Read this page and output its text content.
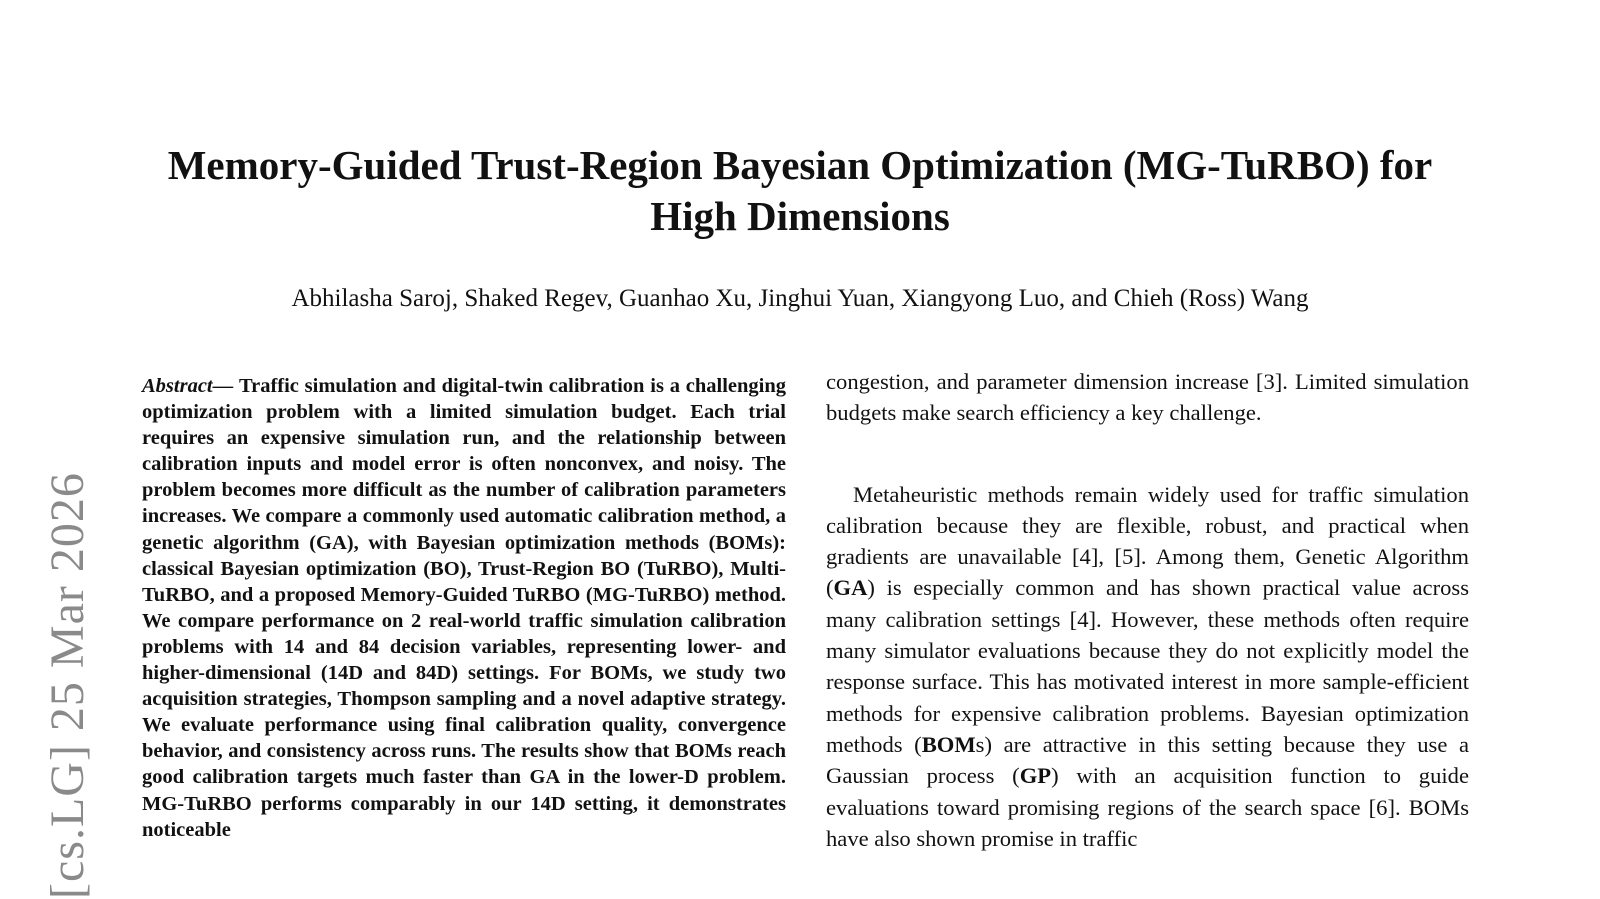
Memory-Guided Trust-Region Bayesian Optimization (MG-TuRBO) for High Dimensions
Abhilasha Saroj, Shaked Regev, Guanhao Xu, Jinghui Yuan, Xiangyong Luo, and Chieh (Ross) Wang
[cs.LG] 25 Mar 2026
Abstract— Traffic simulation and digital-twin calibration is a challenging optimization problem with a limited simulation budget. Each trial requires an expensive simulation run, and the relationship between calibration inputs and model error is often nonconvex, and noisy. The problem becomes more difficult as the number of calibration parameters increases. We compare a commonly used automatic calibration method, a genetic algorithm (GA), with Bayesian optimization methods (BOMs): classical Bayesian optimization (BO), Trust-Region BO (TuRBO), Multi-TuRBO, and a proposed Memory-Guided TuRBO (MG-TuRBO) method. We compare performance on 2 real-world traffic simulation calibration problems with 14 and 84 decision variables, representing lower- and higher-dimensional (14D and 84D) settings. For BOMs, we study two acquisition strategies, Thompson sampling and a novel adaptive strategy. We evaluate performance using final calibration quality, convergence behavior, and consistency across runs. The results show that BOMs reach good calibration targets much faster than GA in the lower-D problem. MG-TuRBO performs comparably in our 14D setting, it demonstrates noticeable

congestion, and parameter dimension increase [3]. Limited simulation budgets make search efficiency a key challenge.

Metaheuristic methods remain widely used for traffic simulation calibration because they are flexible, robust, and practical when gradients are unavailable [4], [5]. Among them, Genetic Algorithm (GA) is especially common and has shown practical value across many calibration settings [4]. However, these methods often require many simulator evaluations because they do not explicitly model the response surface. This has motivated interest in more sample-efficient methods for expensive calibration problems. Bayesian optimization methods (BOMs) are attractive in this setting because they use a Gaussian process (GP) with an acquisition function to guide evaluations toward promising regions of the search space [6]. BOMs have also shown promise in traffic
